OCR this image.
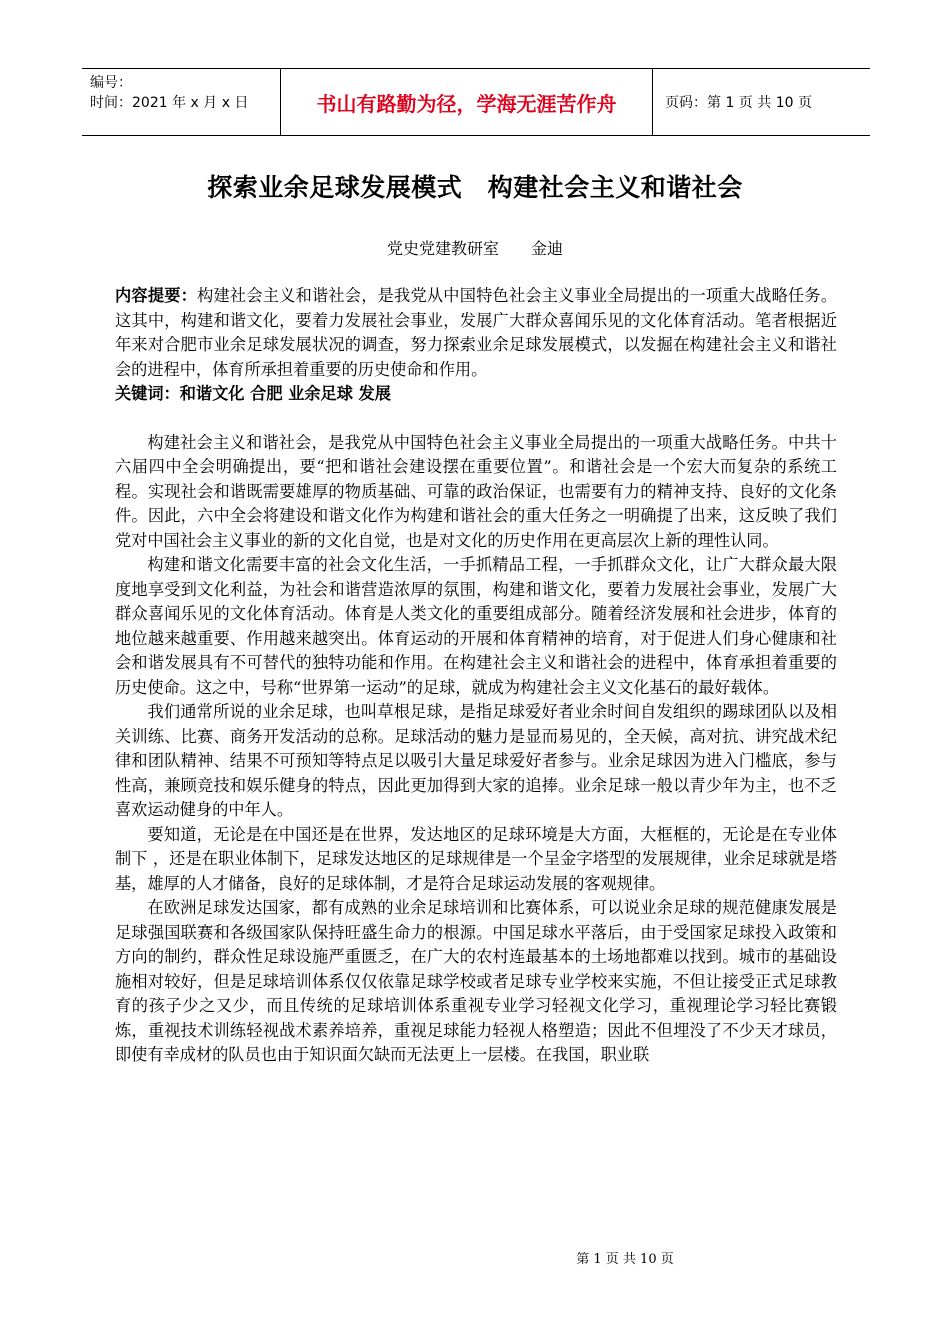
编号：
时间：2021 年 x 月 x 日	书山有路勤为径，学海无涯苦作舟	页码：第 1 页 共 10 页
探索业余足球发展模式　构建社会主义和谐社会
党史党建教研室　　金迪

内容提要：构建社会主义和谐社会，是我党从中国特色社会主义事业全局提出的一项重大战略任务。这其中，构建和谐文化，要着力发展社会事业，发展广大群众喜闻乐见的文化体育活动。笔者根据近年来对合肥市业余足球发展状况的调查，努力探索业余足球发展模式，以发掘在构建社会主义和谐社会的进程中，体育所承担着重要的历史使命和作用。

关键词：和谐文化 合肥 业余足球 发展

构建社会主义和谐社会，是我党从中国特色社会主义事业全局提出的一项重大战略任务。中共十六届四中全会明确提出，要“把和谐社会建设摆在重要位置”。和谐社会是一个宏大而复杂的系统工程。实现社会和谐既需要雄厚的物质基础、可靠的政治保证，也需要有力的精神支持、良好的文化条件。因此，六中全会将建设和谐文化作为构建和谐社会的重大任务之一明确提了出来，这反映了我们党对中国社会主义事业的新的文化自觉，也是对文化的历史作用在更高层次上新的理性认同。

构建和谐文化需要丰富的社会文化生活，一手抓精品工程，一手抓群众文化，让广大群众最大限度地享受到文化利益，为社会和谐营造浓厚的氛围，构建和谐文化，要着力发展社会事业，发展广大群众喜闻乐见的文化体育活动。体育是人类文化的重要组成部分。随着经济发展和社会进步，体育的地位越来越重要、作用越来越突出。体育运动的开展和体育精神的培育，对于促进人们身心健康和社会和谐发展具有不可替代的独特功能和作用。在构建社会主义和谐社会的进程中，体育承担着重要的历史使命。这之中，号称“世界第一运动”的足球，就成为构建社会主义文化基石的最好载体。

我们通常所说的业余足球，也叫草根足球，是指足球爱好者业余时间自发组织的踢球团队以及相关训练、比赛、商务开发活动的总称。足球活动的魅力是显而易见的，全天候，高对抗、讲究战术纪律和团队精神、结果不可预知等特点足以吸引大量足球爱好者参与。业余足球因为进入门槛底，参与性高，兼顾竞技和娱乐健身的特点，因此更加得到大家的追捧。业余足球一般以青少年为主，也不乏喜欢运动健身的中年人。

要知道，无论是在中国还是在世界，发达地区的足球环境是大方面，大框框的，无论是在专业体制下 ，还是在职业体制下，足球发达地区的足球规律是一个呈金字塔型的发展规律，业余足球就是塔基，雄厚的人才储备，良好的足球体制，才是符合足球运动发展的客观规律。

在欧洲足球发达国家，都有成熟的业余足球培训和比赛体系，可以说业余足球的规范健康发展是足球强国联赛和各级国家队保持旺盛生命力的根源。中国足球水平落后，由于受国家足球投入政策和方向的制约，群众性足球设施严重匮乏，在广大的农村连最基本的土场地都难以找到。城市的基础设施相对较好，但是足球培训体系仅仅依靠足球学校或者足球专业学校来实施，不但让接受正式足球教育的孩子少之又少，而且传统的足球培训体系重视专业学习轻视文化学习，重视理论学习轻比赛锻炼，重视技术训练轻视战术素养培养，重视足球能力轻视人格塑造；因此不但埋没了不少天才球员，即使有幸成材的队员也由于知识面欠缺而无法更上一层楼。在我国，职业联

第 1 页 共 10 页
